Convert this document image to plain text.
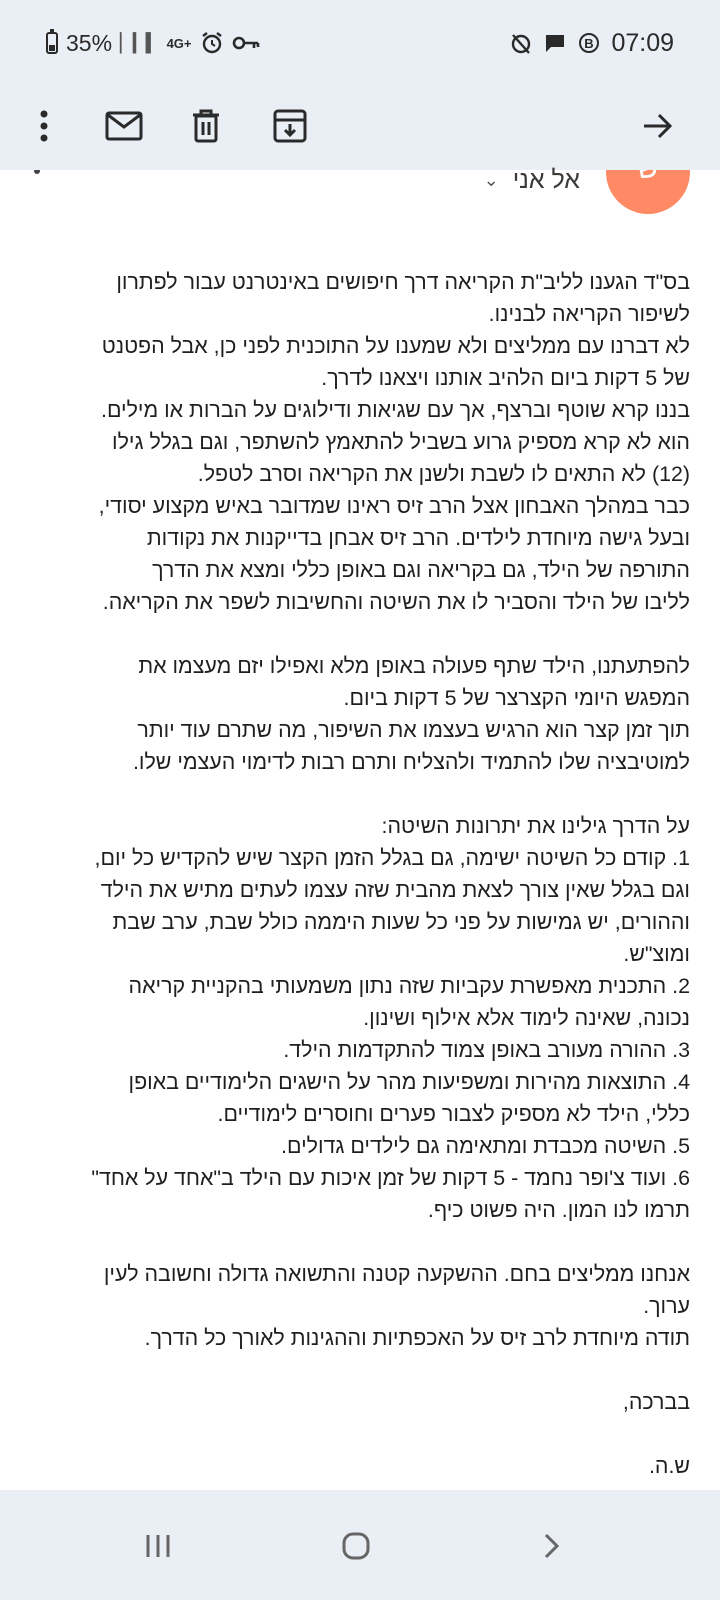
35% ▏▎▍ 4G+	B 07:09
אל אני
⌄

בס"ד הגענו לליב"ת הקריאה דרך חיפושים באינטרנט עבור לפתרון

לשיפור הקריאה לבנינו.

לא דברנו עם ממליצים ולא שמענו על התוכנית לפני כן, אבל הפטנט

של 5 דקות ביום הלהיב אותנו ויצאנו לדרך.

בננו קרא שוטף וברצף, אך עם שגיאות ודילוגים על הברות או מילים.

הוא לא קרא מספיק גרוע בשביל להתאמץ להשתפר, וגם בגלל גילו

(12) לא התאים לו לשבת ולשנן את הקריאה וסרב לטפל.

כבר במהלך האבחון אצל הרב זיס ראינו שמדובר באיש מקצוע יסודי,

ובעל גישה מיוחדת לילדים. הרב זיס אבחן בדייקנות את נקודות

התורפה של הילד, גם בקריאה וגם באופן כללי ומצא את הדרך

לליבו של הילד והסביר לו את השיטה והחשיבות לשפר את הקריאה.

להפתעתנו, הילד שתף פעולה באופן מלא ואפילו יזם מעצמו את

המפגש היומי הקצרצר של 5 דקות ביום.

תוך זמן קצר הוא הרגיש בעצמו את השיפור, מה שתרם עוד יותר

למוטיבציה שלו להתמיד ולהצליח ותרם רבות לדימוי העצמי שלו.

על הדרך גילינו את יתרונות השיטה:

1. קודם כל השיטה ישימה, גם בגלל הזמן הקצר שיש להקדיש כל יום,

וגם בגלל שאין צורך לצאת מהבית שזה עצמו לעתים מתיש את הילד

וההורים, יש גמישות על פני כל שעות היממה כולל שבת, ערב שבת

ומוצ"ש.

2. התכנית מאפשרת עקביות שזה נתון משמעותי בהקניית קריאה

נכונה, שאינה לימוד אלא אילוף ושינון.

3. ההורה מעורב באופן צמוד להתקדמות הילד.

4. התוצאות מהירות ומשפיעות מהר על הישגים הלימודיים באופן

כללי, הילד לא מספיק לצבור פערים וחוסרים לימודיים.

5. השיטה מכבדת ומתאימה גם לילדים גדולים.

6. ועוד צ'ופר נחמד - 5 דקות של זמן איכות עם הילד ב"אחד על אחד"

תרמו לנו המון. היה פשוט כיף.

אנחנו ממליצים בחם. ההשקעה קטנה והתשואה גדולה וחשובה לעין

ערוך.

תודה מיוחדת לרב זיס על האכפתיות וההגינות לאורך כל הדרך.

בברכה,

ש.ה.
